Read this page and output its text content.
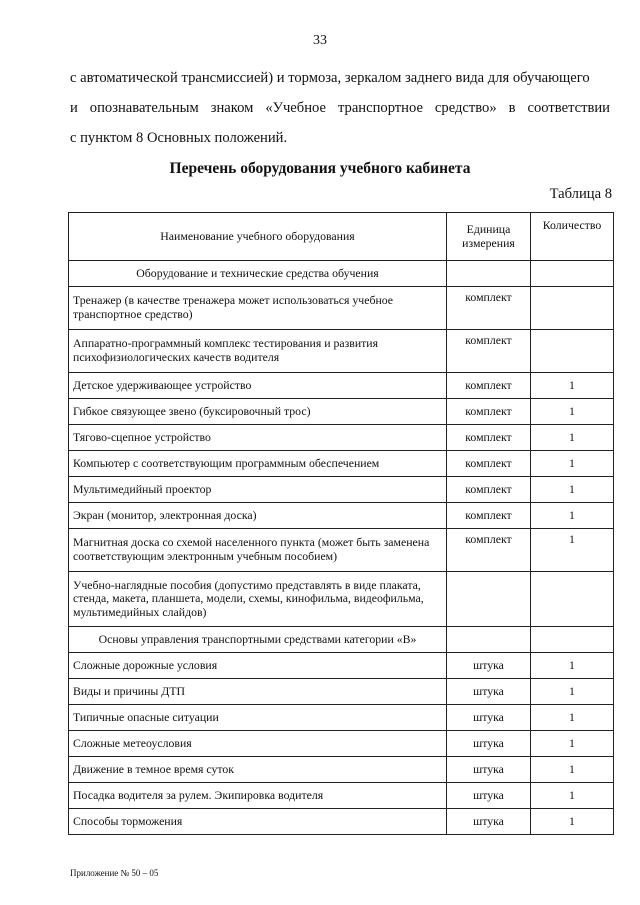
33
с автоматической трансмиссией) и тормоза, зеркалом заднего вида для обучающего
и опознавательным знаком «Учебное транспортное средство» в соответствии
с пунктом 8 Основных положений.
Перечень оборудования учебного кабинета
Таблица 8
Наименование учебного оборудования	Единица измерения	Количество
Оборудование и технические средства обучения		
Тренажер (в качестве тренажера может использоваться учебное транспортное средство)	комплект	
Аппаратно-программный комплекс тестирования и развития психофизиологических качеств водителя	комплект	
Детское удерживающее устройство	комплект	1
Гибкое связующее звено (буксировочный трос)	комплект	1
Тягово-сцепное устройство	комплект	1
Компьютер с соответствующим программным обеспечением	комплект	1
Мультимедийный проектор	комплект	1
Экран (монитор, электронная доска)	комплект	1
Магнитная доска со схемой населенного пункта (может быть заменена соответствующим электронным учебным пособием)	комплект	1
Учебно-наглядные пособия (допустимо представлять в виде плаката, стенда, макета, планшета, модели, схемы, кинофильма, видеофильма, мультимедийных слайдов)		
Основы управления транспортными средствами категории «В»		
Сложные дорожные условия	штука	1
Виды и причины ДТП	штука	1
Типичные опасные ситуации	штука	1
Сложные метеоусловия	штука	1
Движение в темное время суток	штука	1
Посадка водителя за рулем. Экипировка водителя	штука	1
Способы торможения	штука	1
Приложение № 50 – 05
